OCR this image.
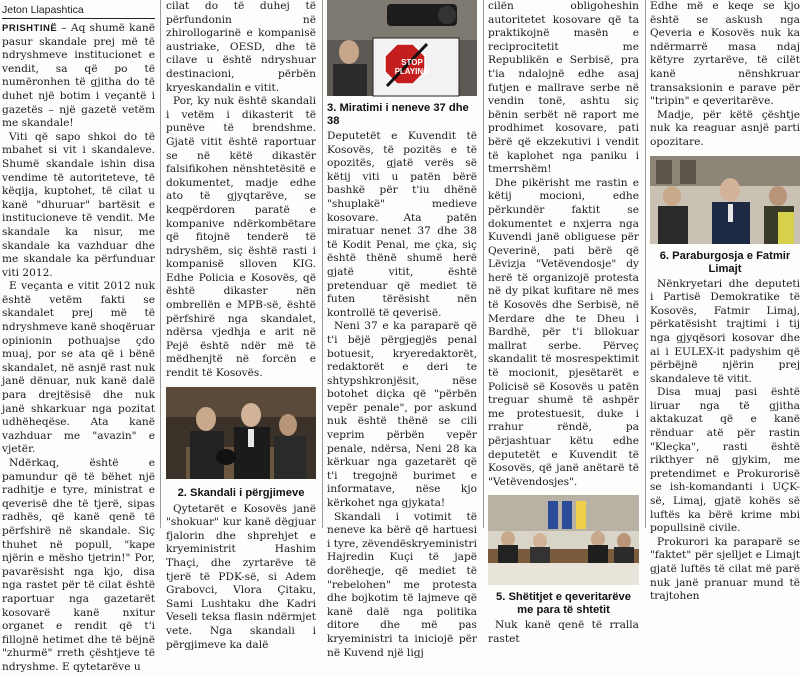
Jeton Llapashtica

PRISHTINË – Aq shumë kanë pasur skandale prej më të ndryshmeve institucionet e vendit, sa që po të numëronhen të gjitha do të duhet një botim i veçantë i gazetës – një gazetë vetëm me skandale!

Viti që sapo shkoi do të mbahet si vit i skandaleve. Shumë skandale ishin disa vendime të autoriteteve, të këqija, kuptohet, të cilat u kanë "dhuruar" bartësit e institucioneve të vendit. Me skandale ka nisur, me skandale ka vazhduar dhe me skandale ka përfunduar viti 2012.

E veçanta e vitit 2012 nuk është vetëm fakti se skandalet prej më të ndryshmeve kanë shoqëruar opinionin pothuajse çdo muaj, por se ata që i bënë skandalet, në asnjë rast nuk janë dënuar, nuk kanë dalë para drejtësisë dhe nuk janë shkarkuar nga pozitat udhëheqëse. Ata kanë vazhduar me "avazin" e vjetër.

Ndërkaq, është e pamundur që të bëhet një radhitje e tyre, ministrat e qeverisë dhe të tjerë, sipas radhës, që kanë qenë të përfshirë në skandale. Siç thuhet në popull, "kape njërin e mësho tjetrin!" Por, pavarësisht nga kjo, disa nga rastet për të cilat është raportuar nga gazetarët kosovarë kanë nxitur organet e rendit që t'i fillojnë hetimet dhe të bëjnë "zhurmë" rreth çështjeve të ndryshme. E qytetarëve u

cilat do të duhej të përfundonin në zhirollogarinë e kompanisë austriake, OESD, dhe të cilave u është ndryshuar destinacioni, përbën kryeskandalin e vitit.

Por, ky nuk është skandali i vetëm i dikasterit të punëve të brendshme. Gjatë vitit është raportuar se në këtë dikastër falsifikohen nënshtetësitë e dokumentet, madje edhe ato të gjyqtarëve, se keqpërdoren paratë e kompanive ndërkombëtare që fitojnë tenderë të ndryshëm, siç është rasti i kompanisë slloven KIG. Edhe Policia e Kosovës, që është dikaster nën ombrellën e MPB-së, është përfshirë nga skandalet, ndërsa vjedhja e arit në Pejë është ndër më të mëdhenjtë në forcën e rendit të Kosovës.

2. Skandali i përgjimeve

Qytetarët e Kosovës janë "shokuar" kur kanë dëgjuar fjalorin dhe shprehjet e kryeministrit Hashim Thaçi, dhe zyrtarëve të tjerë të PDK-së, si Adem Grabovci, Vlora Çitaku, Sami Lushtaku dhe Kadri Veseli teksa flasin ndërmjet vete. Nga skandali i përgjimeve ka dalë

STOP PLAYING

3. Miratimi i neneve 37 dhe 38

Deputetët e Kuvendit të Kosovës, të pozitës e të opozitës, gjatë verës së këtij viti u patën bërë bashkë për t'iu dhënë "shuplakë" medieve kosovare. Ata patën miratuar nenet 37 dhe 38 të Kodit Penal, me çka, siç është thënë shumë herë gjatë vitit, është pretenduar që mediet të futen tërësisht nën kontrollë të qeverisë.

Neni 37 e ka paraparë që t'i bëjë përgjegjës penal botuesit, kryeredaktorët, redaktorët e deri te shtypshkronjësit, nëse botohet diçka që "përbën vepër penale", por askund nuk është thënë se cili veprim përbën vepër penale, ndërsa, Neni 28 ka kërkuar nga gazetarët që t'i tregojnë burimet e informatave, nëse kjo kërkohet nga gjykata!

Skandali i votimit të neneve ka bërë që hartuesi i tyre, zëvendëskryeministri Hajredin Kuçi të japë dorëheqje, që mediet të "rebelohen" me protesta dhe bojkotim të lajmeve që kanë dalë nga politika ditore dhe më pas kryeministri ta iniciojë për në Kuvend një ligj

cilën obligoheshin autoritetet kosovare që ta praktikojnë masën e reciprocitetit me Republikën e Serbisë, pra t'ia ndalojnë edhe asaj futjen e mallrave serbe në vendin tonë, ashtu siç bënin serbët në raport me prodhimet kosovare, pati bërë që ekzekutivi i vendit të kaplohet nga paniku i tmerrshëm!

Dhe pikërisht me rastin e këtij mocioni, edhe përkundër faktit se dokumentet e nxjerra nga Kuvendi janë obliguese për Qeverinë, pati bërë që Lëvizja "Vetëvendosje" dy herë të organizojë protesta në dy pikat kufitare në mes të Kosovës dhe Serbisë, në Merdare dhe te Dheu i Bardhë, për t'i bllokuar mallrat serbe. Përveç skandalit të mosrespektimit të mocionit, pjesëtarët e Policisë së Kosovës u patën treguar shumë të ashpër me protestuesit, duke i rrahur rëndë, pa përjashtuar këtu edhe deputetët e Kuvendit të Kosovës, që janë anëtarë të "Vetëvendosjes".

5. Shëtitjet e qeveritarëve me para të shtetit

Nuk kanë qenë të rralla rastet

Edhe më e keqe se kjo është se askush nga Qeveria e Kosovës nuk ka ndërmarrë masa ndaj këtyre zyrtarëve, të cilët kanë nënshkruar transaksionin e parave për "tripin" e qeveritarëve.

Madje, për këtë çështje nuk ka reaguar asnjë parti opozitare.

6. Paraburgosja e Fatmir Limajt

Nënkryetari dhe deputeti i Partisë Demokratike të Kosovës, Fatmir Limaj, përkatësisht trajtimi i tij nga gjyqësori kosovar dhe ai i EULEX-it padyshim që përbëjnë njërin prej skandaleve të vitit.

Disa muaj pasi është liruar nga të gjitha aktakuzat që e kanë rënduar atë për rastin "Kleçka", rasti është rikthyer në gjykim, me pretendimet e Prokurorisë se ish-komandanti i UÇK-së, Limaj, gjatë kohës së luftës ka bërë krime mbi popullsinë civile.

Prokurori ka paraparë se "faktet" për sjelljet e Limajt gjatë luftës të cilat më parë nuk janë pranuar mund të trajtohen
